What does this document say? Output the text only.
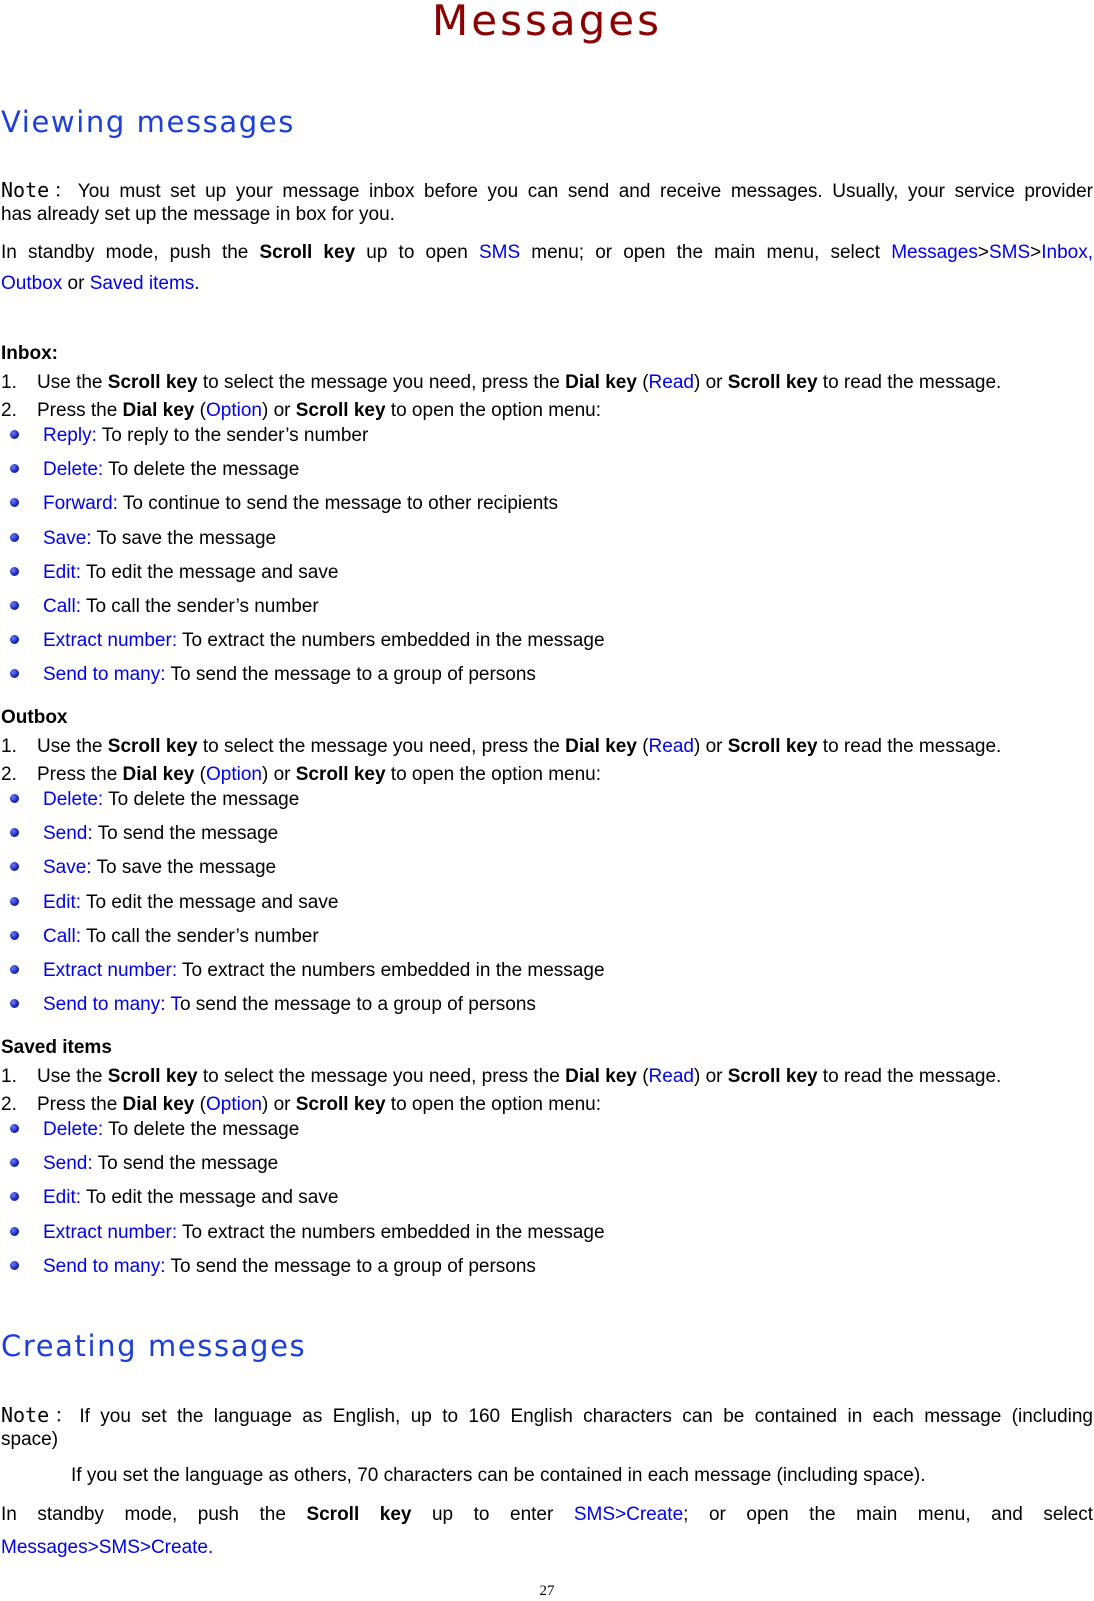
Messages
Viewing messages
Note：You must set up your message inbox before you can send and receive messages. Usually, your service provider
has already set up the message in box for you.
In standby mode, push the Scroll key up to open SMS menu; or open the main menu, select Messages>SMS>Inbox,
Outbox or Saved items.
Inbox:
1. Use the Scroll key to select the message you need, press the Dial key (Read) or Scroll key to read the message.
2. Press the Dial key (Option) or Scroll key to open the option menu:
Reply: To reply to the sender’s number
Delete: To delete the message
Forward: To continue to send the message to other recipients
Save: To save the message
Edit: To edit the message and save
Call: To call the sender’s number
Extract number: To extract the numbers embedded in the message
Send to many: To send the message to a group of persons
Outbox
1. Use the Scroll key to select the message you need, press the Dial key (Read) or Scroll key to read the message.
2. Press the Dial key (Option) or Scroll key to open the option menu:
Delete: To delete the message
Send: To send the message
Save: To save the message
Edit: To edit the message and save
Call: To call the sender’s number
Extract number: To extract the numbers embedded in the message
Send to many: To send the message to a group of persons
Saved items
1. Use the Scroll key to select the message you need, press the Dial key (Read) or Scroll key to read the message.
2. Press the Dial key (Option) or Scroll key to open the option menu:
Delete: To delete the message
Send: To send the message
Edit: To edit the message and save
Extract number: To extract the numbers embedded in the message
Send to many: To send the message to a group of persons
Creating messages
Note：If you set the language as English, up to 160 English characters can be contained in each message (including
space)
If you set the language as others, 70 characters can be contained in each message (including space).
In standby mode, push the Scroll key up to enter SMS>Create; or open the main menu, and select
Messages>SMS>Create.
27
